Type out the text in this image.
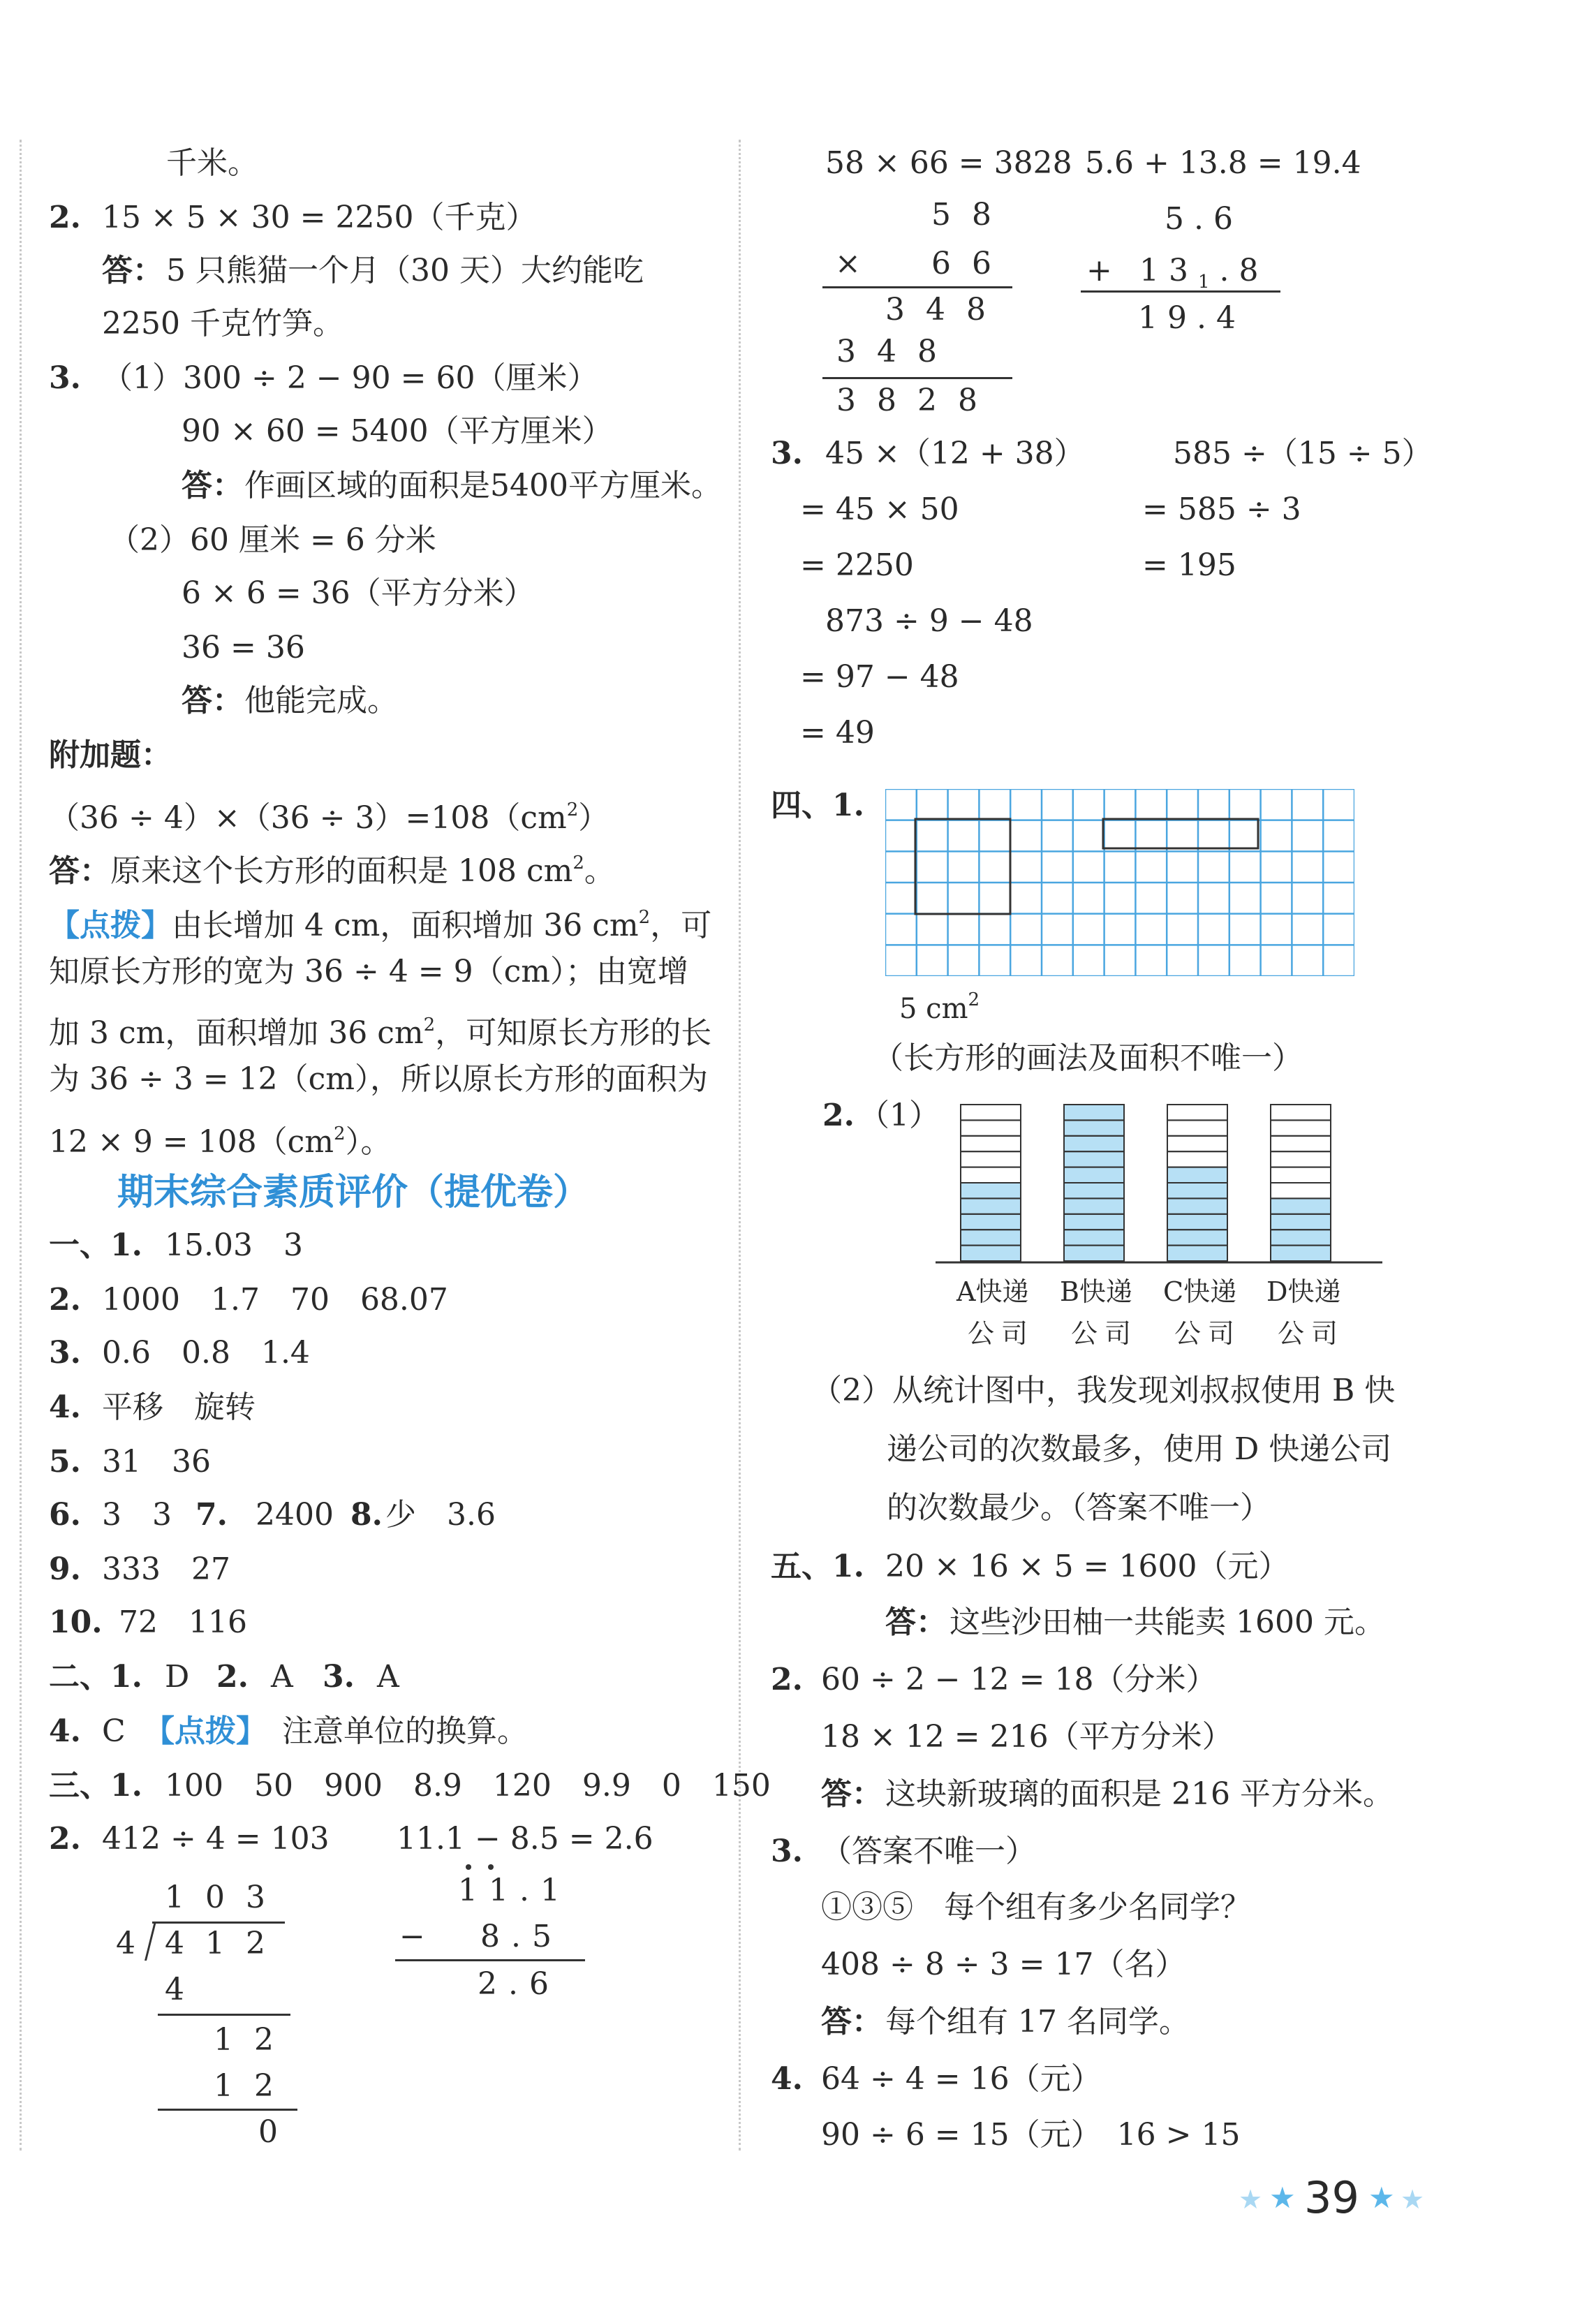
千米。
2. 15 × 5 × 30 = 2250（千克）
答： 5 只熊猫一个月（30 天）大约能吃
2250 千克竹笋。
3. （1）300 ÷ 2 − 90 = 60（厘米）
90 × 60 = 5400（平方厘米）
答： 作画区域的面积是5400平方厘米。
（2）60 厘米 = 6 分米
6 × 6 = 36（平方分米）
36 = 36
答： 他能完成。
附加题：
$(36 \div 4)\times(36 \div 3)=108(cm^2)$
答：原来这个长方形的面积是 108 $cm^2$。
【点拨】由长增加 4 cm，面积增加 36 $cm^2$，可
知原长方形的宽为 36 ÷ 4 = 9（cm）；由宽增
加 3 cm，面积增加 36 $cm^2$，可知原长方形的长
为 36 ÷ 3 = 12（cm），所以原长方形的面积为
$12 \times 9 = 108(cm^2)$。
期末综合素质评价（提优卷）
一、1. 15.03　3
2. 1000　1.7　70　68.07
3. 0.6　0.8　1.4
4. 平移　旋转
5. 31　36
6. 3　3 7. 2400 8. 少　3.6
9. 333　27
10. 72　116
二、1. D 2. A 3. A
4. C 【点拨】 注意单位的换算。
三、1. 100　50　900　8.9　120　9.9　0　150
2. 412 ÷ 4 = 103 11.1 − 8.5 = 2.6
103
4 412
4
12
12
0
11.1
− 8.5
2.6
58 × 66 = 3828 5.6 + 13.8 = 19.4
58
× 66
348
348
3828
5.6
+ $13_1.8$
19.4
3. 45 ×（12 + 38）	585 ÷（15 ÷ 5）
= 45 × 50	= 585 ÷ 3
= 2250	= 195
873 ÷ 9 − 48
= 97 − 48
= 49
四、1.
5 $cm^2$
（长方形的画法及面积不唯一）
2. （1）
A快递 B快递 C快递 D快递
公司 公司 公司 公司
（2）从统计图中，我发现刘叔叔使用 B 快
递公司的次数最多，使用 D 快递公司
的次数最少。（答案不唯一）
五、1. 20 × 16 × 5 = 1600（元）
答： 这些沙田柚一共能卖 1600 元。
2. 60 ÷ 2 − 12 = 18（分米）
18 × 12 = 216（平方分米）
答： 这块新玻璃的面积是 216 平方分米。
3. （答案不唯一）
①③⑤　每个组有多少名同学？
408 ÷ 8 ÷ 3 = 17（名）
答： 每个组有 17 名同学。
4. 64 ÷ 4 = 16（元）
90 ÷ 6 = 15（元）　16 > 15
★ ★ 39 ★ ★
